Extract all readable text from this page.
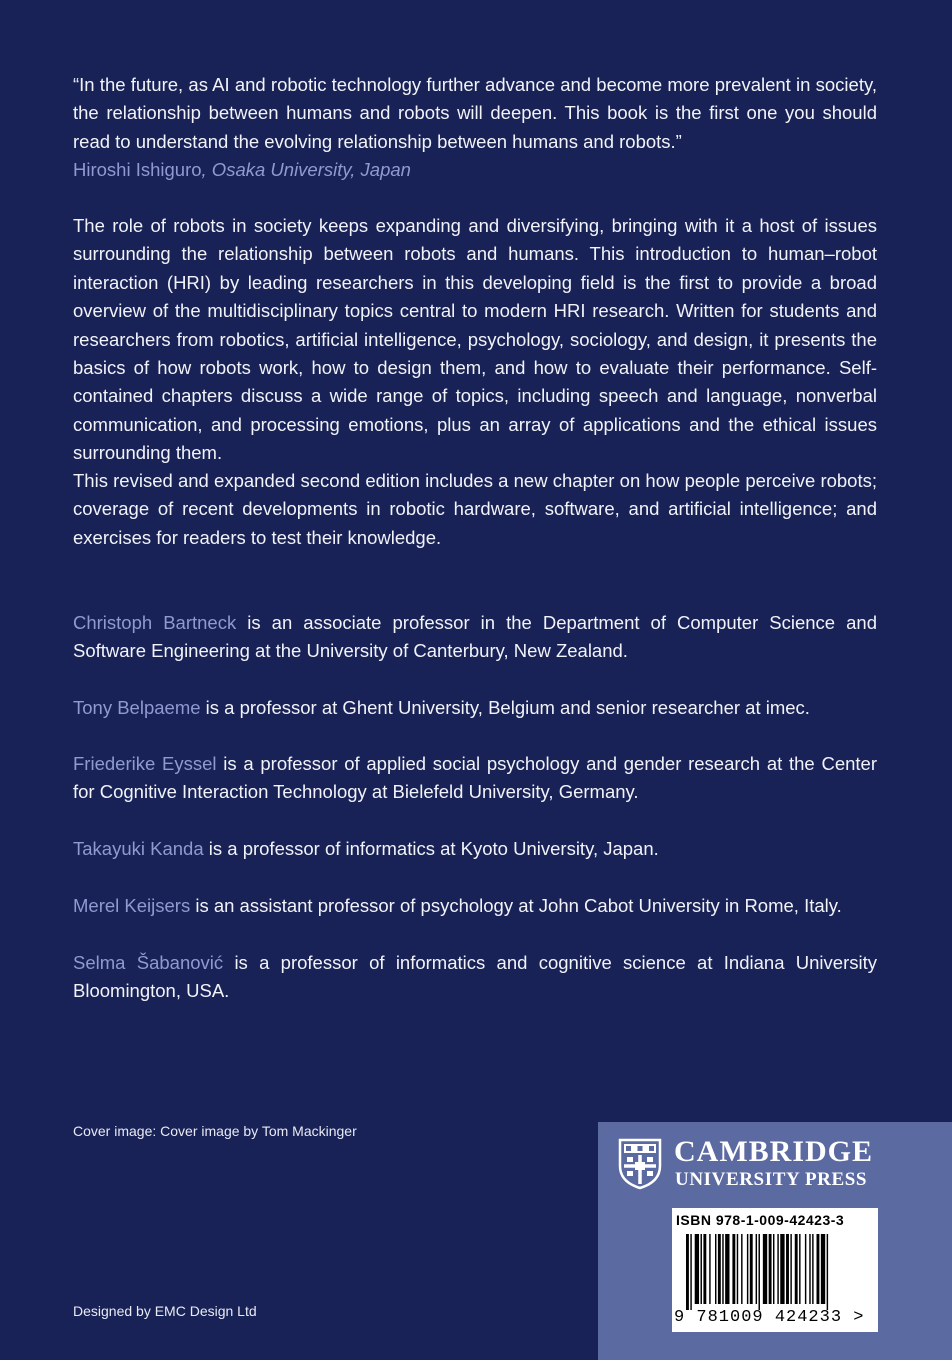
“In the future, as AI and robotic technology further advance and become more prevalent in society, the relationship between humans and robots will deepen. This book is the first one you should read to understand the evolving relationship between humans and robots.”
Hiroshi Ishiguro, Osaka University, Japan
The role of robots in society keeps expanding and diversifying, bringing with it a host of issues surrounding the relationship between robots and humans. This introduction to human–robot interaction (HRI) by leading researchers in this developing field is the first to provide a broad overview of the multidisciplinary topics central to modern HRI research. Written for students and researchers from robotics, artificial intelligence, psychology, sociology, and design, it presents the basics of how robots work, how to design them, and how to evaluate their performance. Self-contained chapters discuss a wide range of topics, including speech and language, nonverbal communication, and processing emotions, plus an array of applications and the ethical issues surrounding them.
This revised and expanded second edition includes a new chapter on how people perceive robots; coverage of recent developments in robotic hardware, software, and artificial intelligence; and exercises for readers to test their knowledge.
Christoph Bartneck is an associate professor in the Department of Computer Science and Software Engineering at the University of Canterbury, New Zealand.
Tony Belpaeme is a professor at Ghent University, Belgium and senior researcher at imec.
Friederike Eyssel is a professor of applied social psychology and gender research at the Center for Cognitive Interaction Technology at Bielefeld University, Germany.
Takayuki Kanda is a professor of informatics at Kyoto University, Japan.
Merel Keijsers is an assistant professor of psychology at John Cabot University in Rome, Italy.
Selma Šabanović is a professor of informatics and cognitive science at Indiana University Bloomington, USA.
Cover image: Cover image by Tom Mackinger
Designed by EMC Design Ltd
CAMBRIDGE
UNIVERSITY PRESS
ISBN 978-1-009-42423-3
9 781009 424233 >
